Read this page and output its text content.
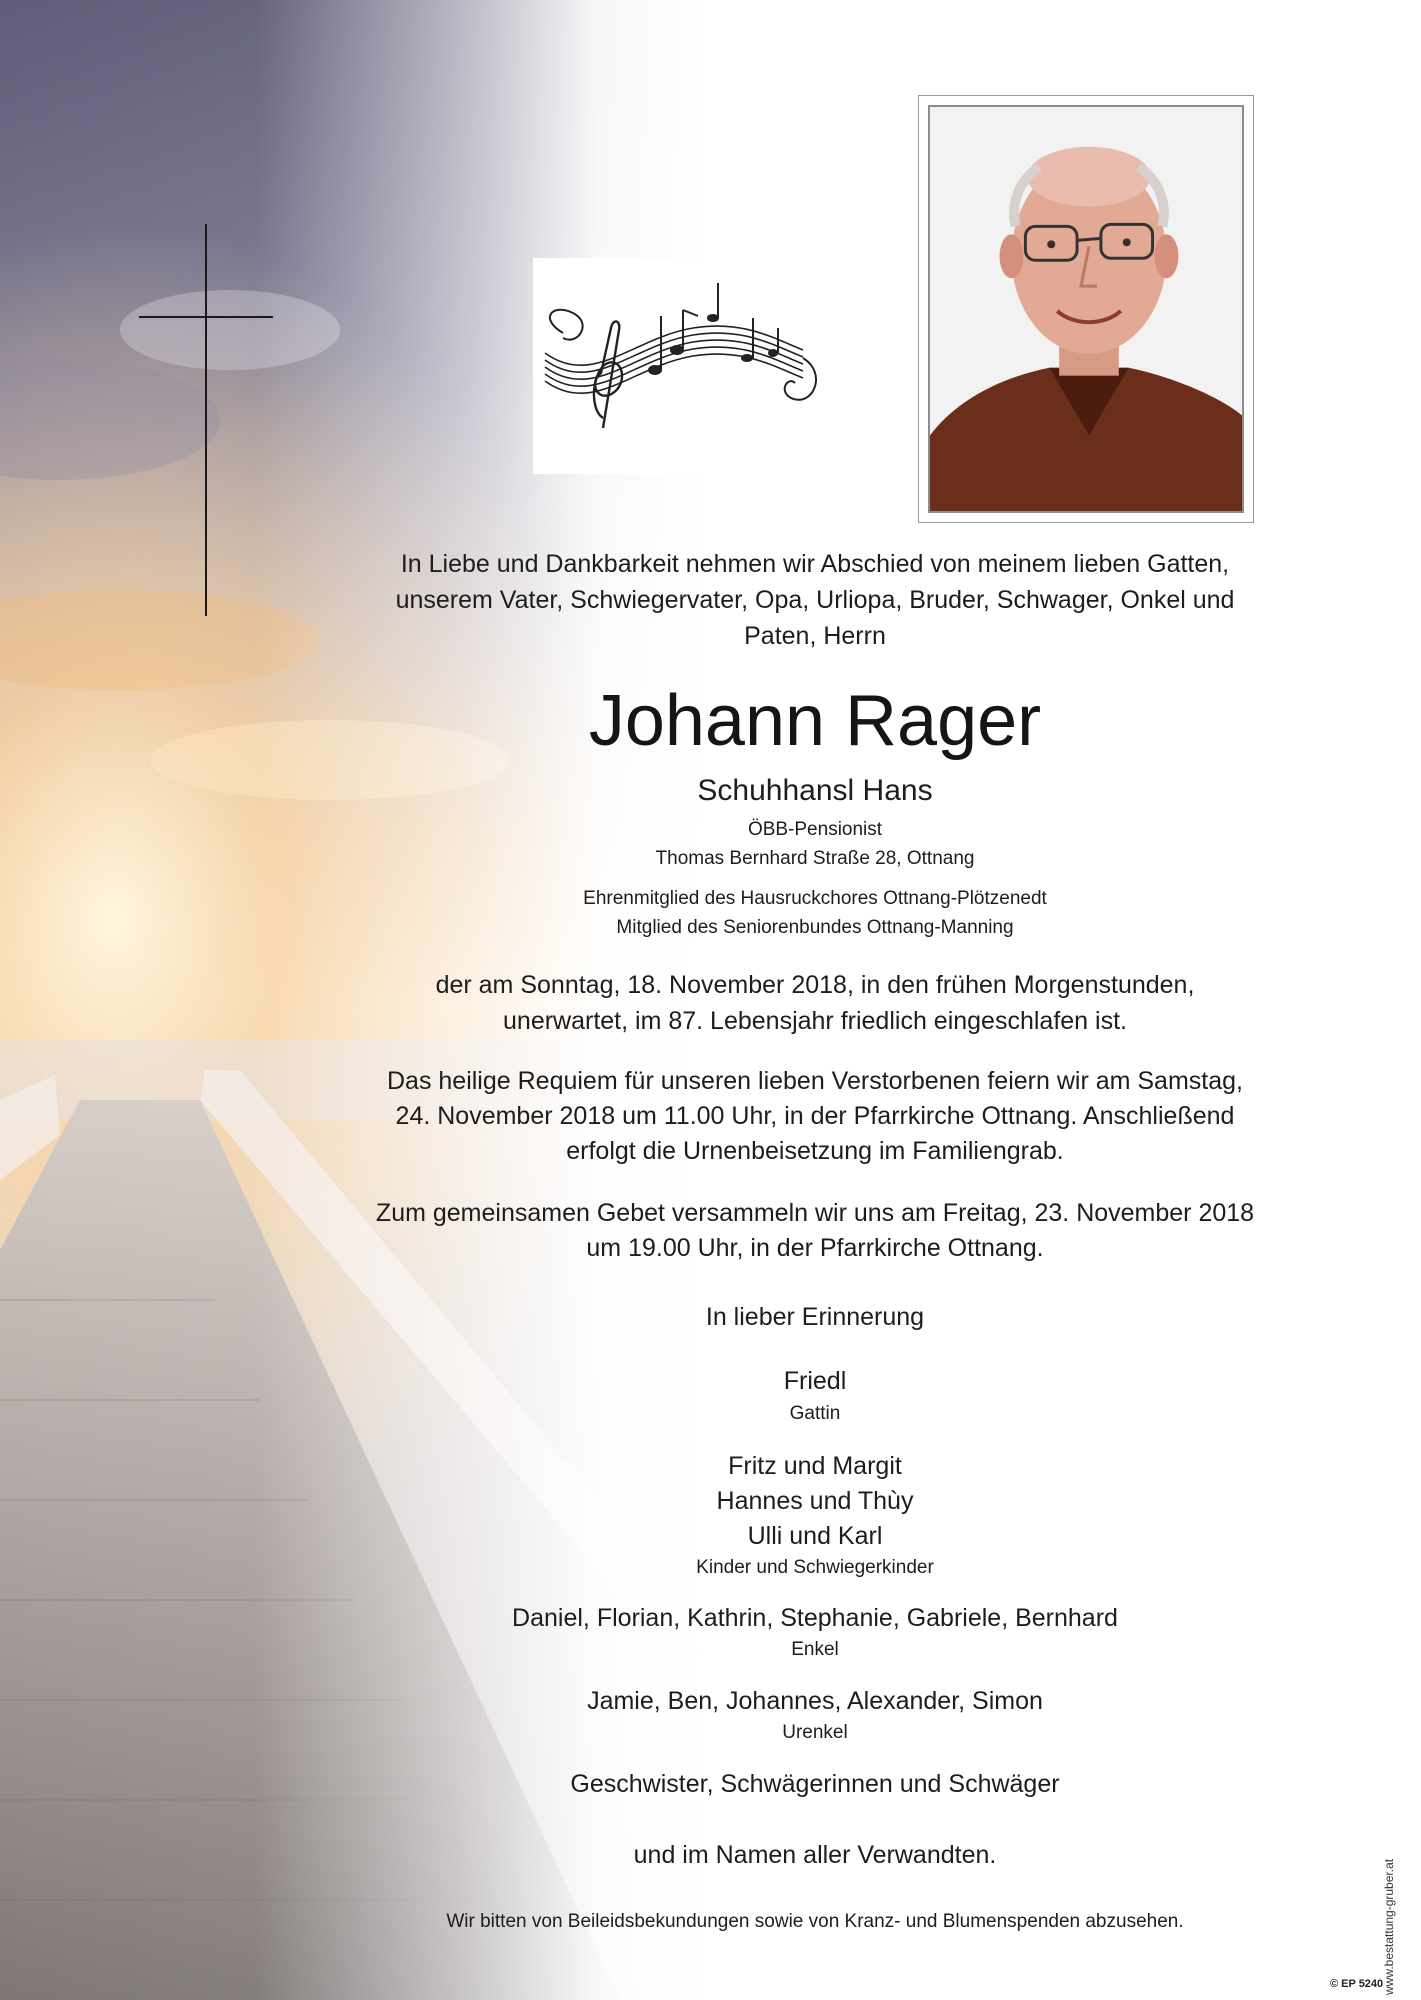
In Liebe und Dankbarkeit nehmen wir Abschied von meinem lieben Gatten, unserem Vater, Schwiegervater, Opa, Urliopa, Bruder, Schwager, Onkel und Paten, Herrn

Johann Rager

Schuhhansl Hans

ÖBB-Pensionist

Thomas Bernhard Straße 28, Ottnang

Ehrenmitglied des Hausruckchores Ottnang-Plötzenedt

Mitglied des Seniorenbundes Ottnang-Manning

der am Sonntag, 18. November 2018, in den frühen Morgenstunden, unerwartet, im 87. Lebensjahr friedlich eingeschlafen ist.

Das heilige Requiem für unseren lieben Verstorbenen feiern wir am Samstag, 24. November 2018 um 11.00 Uhr, in der Pfarrkirche Ottnang. Anschließend erfolgt die Urnenbeisetzung im Familiengrab.

Zum gemeinsamen Gebet versammeln wir uns am Freitag, 23. November 2018 um 19.00 Uhr, in der Pfarrkirche Ottnang.

In lieber Erinnerung

Friedl

Gattin

Fritz und Margit
Hannes und Thùy
Ulli und Karl

Kinder und Schwiegerkinder

Daniel, Florian, Kathrin, Stephanie, Gabriele, Bernhard

Enkel

Jamie, Ben, Johannes, Alexander, Simon

Urenkel

Geschwister, Schwägerinnen und Schwäger

und im Namen aller Verwandten.

Wir bitten von Beileidsbekundungen sowie von Kranz- und Blumenspenden abzusehen.	www.bestattung-gruber.at
© EP 5240
